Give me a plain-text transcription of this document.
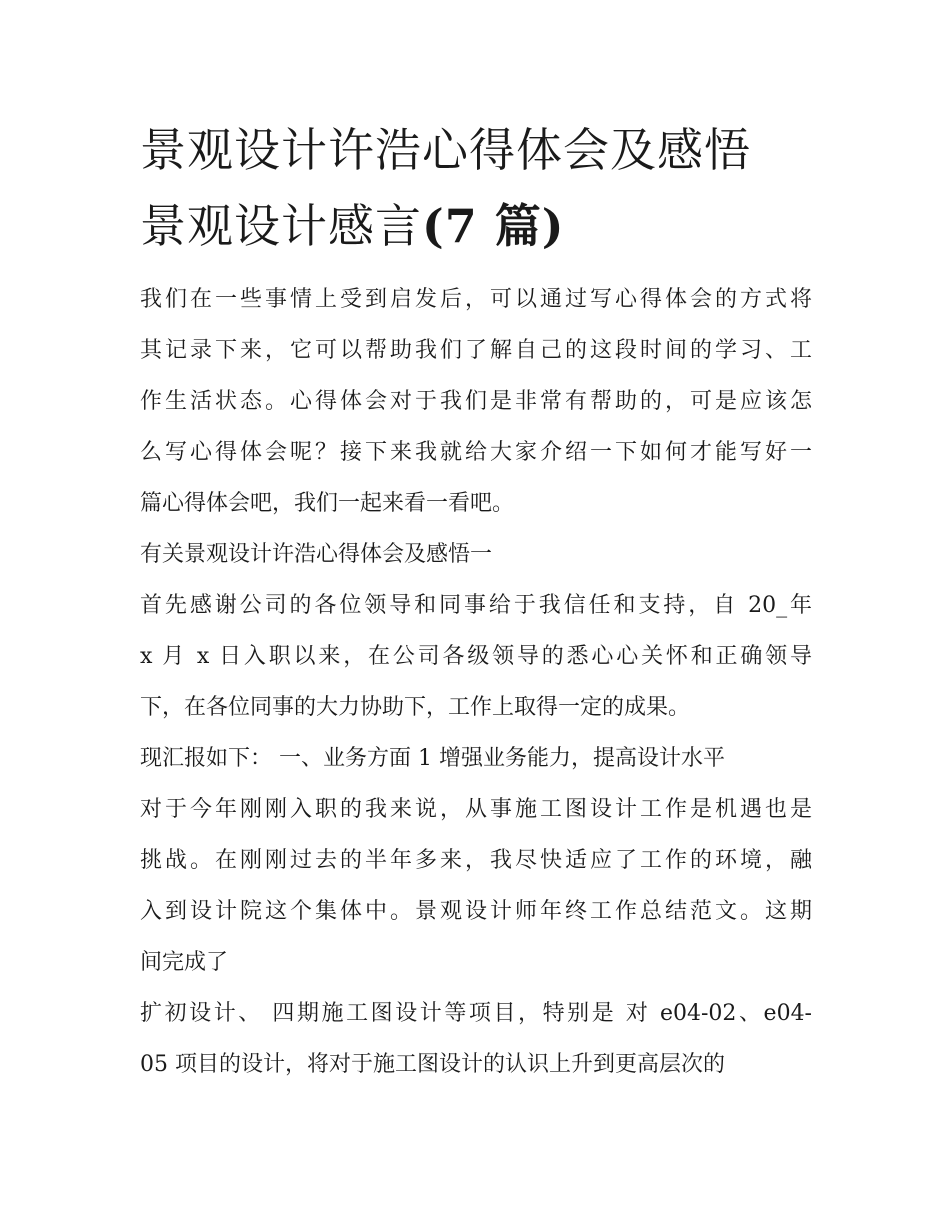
景观设计许浩心得体会及感悟
景观设计感言(7 篇)

我们在一些事情上受到启发后，可以通过写心得体会的方式将
其记录下来，它可以帮助我们了解自己的这段时间的学习、工
作生活状态。心得体会对于我们是非常有帮助的，可是应该怎
么写心得体会呢？接下来我就给大家介绍一下如何才能写好一
篇心得体会吧，我们一起来看一看吧。

有关景观设计许浩心得体会及感悟一

首先感谢公司的各位领导和同事给于我信任和支持，自 20_年
x 月 x 日入职以来，在公司各级领导的悉心心关怀和正确领导
下，在各位同事的大力协助下，工作上取得一定的成果。

现汇报如下： 一、业务方面 1 增强业务能力，提高设计水平

对于今年刚刚入职的我来说，从事施工图设计工作是机遇也是
挑战。在刚刚过去的半年多来，我尽快适应了工作的环境，融
入到设计院这个集体中。景观设计师年终工作总结范文。这期
间完成了

扩初设计、 四期施工图设计等项目，特别是 对 e04-02、e04-
05 项目的设计，将对于施工图设计的认识上升到更高层次的
